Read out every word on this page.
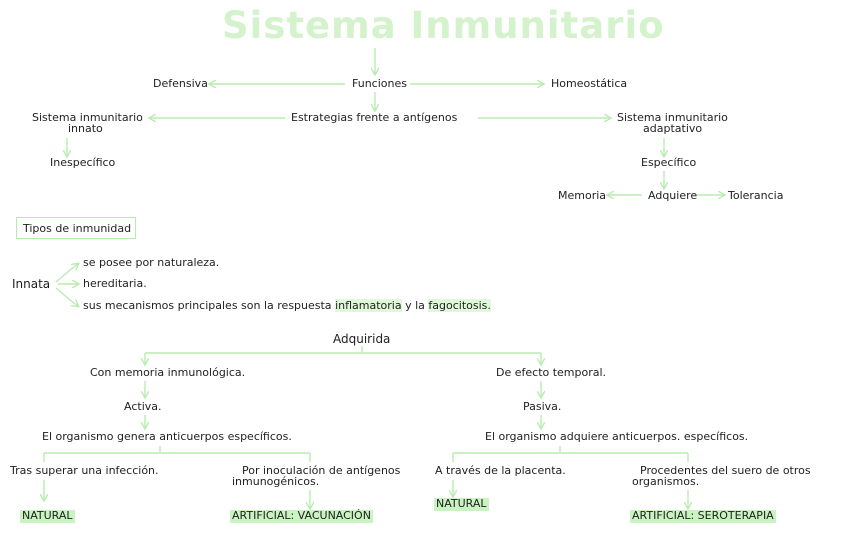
Sistema Inmunitario
Defensiva	Funciones	Homeostática
Sistema inmunitario
innato
Estrategias frente a antígenos	Sistema inmunitario
adaptativo
Inespecífico	Específico
Memoria	Adquiere	Tolerancia
Tipos de inmunidad
Innata
se posee por naturaleza.
hereditaria.
sus mecanismos principales son la respuesta inflamatoria y la fagocitosis.
Adquirida
Con memoria inmunológica.
Activa.
El organismo genera anticuerpos específicos.
Tras superar una infección.	Por inoculación de antígenos
inmunogénicos.
NATURAL	ARTIFICIAL: VACUNACIÓN
De efecto temporal.
Pasiva.
El organismo adquiere anticuerpos. específicos.
A través de la placenta.	Procedentes del suero de otros
organismos.
NATURAL
ARTIFICIAL: SEROTERAPIA
